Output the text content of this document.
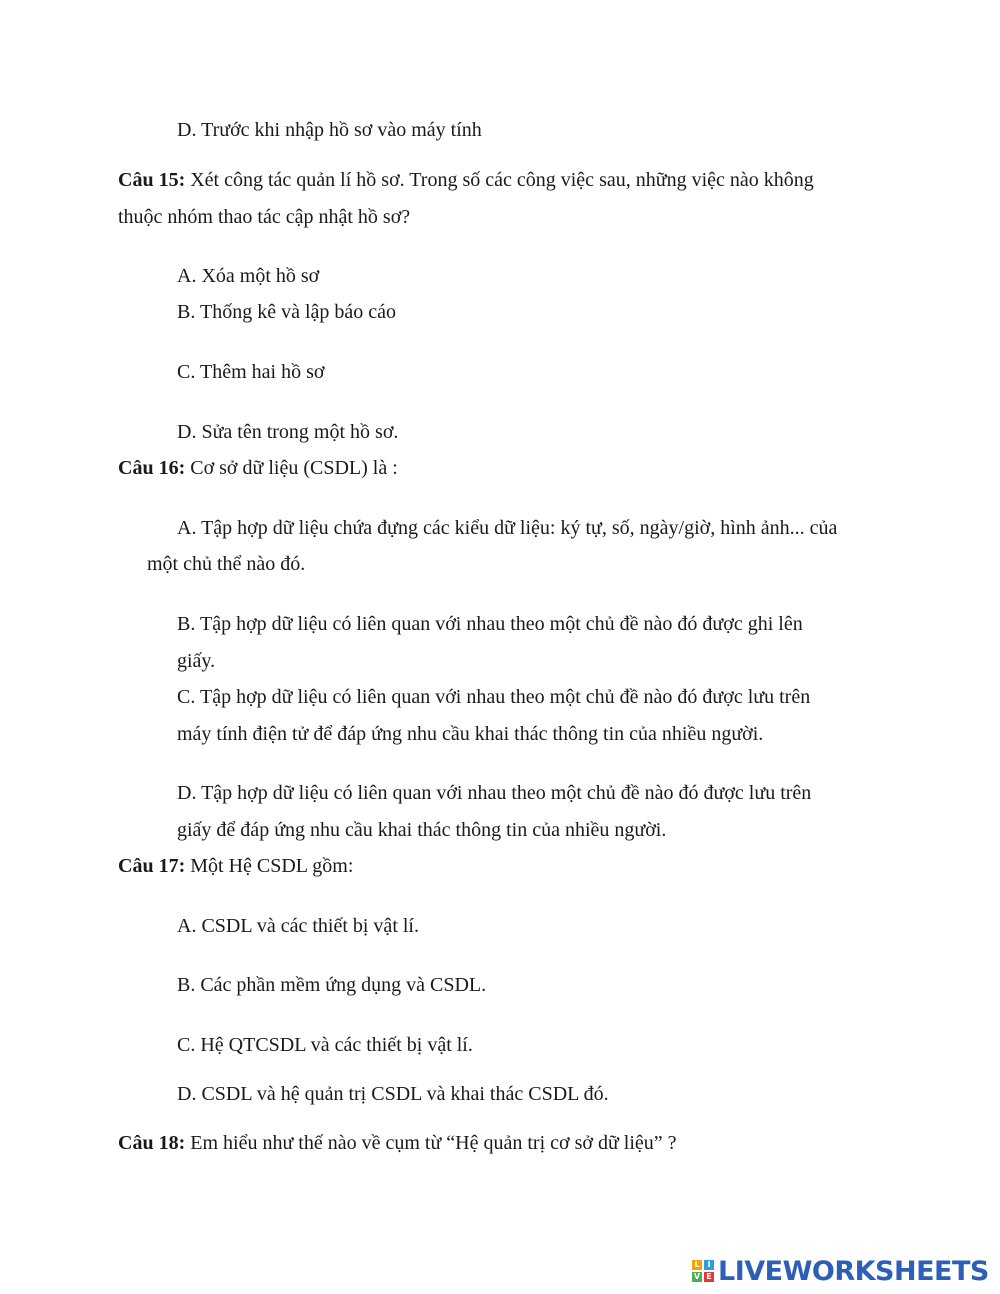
D. Trước khi nhập hồ sơ vào máy tính
Câu 15: Xét công tác quản lí hồ sơ. Trong số các công việc sau, những việc nào không
thuộc nhóm thao tác cập nhật hồ sơ?
A. Xóa một hồ sơ
B. Thống kê và lập báo cáo
C. Thêm hai hồ sơ
D. Sửa tên trong một hồ sơ.
Câu 16: Cơ sở dữ liệu (CSDL) là :
A. Tập hợp dữ liệu chứa đựng các kiểu dữ liệu: ký tự, số, ngày/giờ, hình ảnh... của
một chủ thể nào đó.
B. Tập hợp dữ liệu có liên quan với nhau theo một chủ đề nào đó được ghi lên
giấy.
C. Tập hợp dữ liệu có liên quan với nhau theo một chủ đề nào đó được lưu trên
máy tính điện tử để đáp ứng nhu cầu khai thác thông tin của nhiều người.
D. Tập hợp dữ liệu có liên quan với nhau theo một chủ đề nào đó được lưu trên
giấy để đáp ứng nhu cầu khai thác thông tin của nhiều người.
Câu 17: Một Hệ CSDL gồm:
A. CSDL và các thiết bị vật lí.
B. Các phần mềm ứng dụng và CSDL.
C. Hệ QTCSDL và các thiết bị vật lí.
D. CSDL và hệ quản trị CSDL và khai thác CSDL đó.
Câu 18: Em hiểu như thế nào về cụm từ “Hệ quản trị cơ sở dữ liệu” ?
L I
V E LIVEWORKSHEETS
